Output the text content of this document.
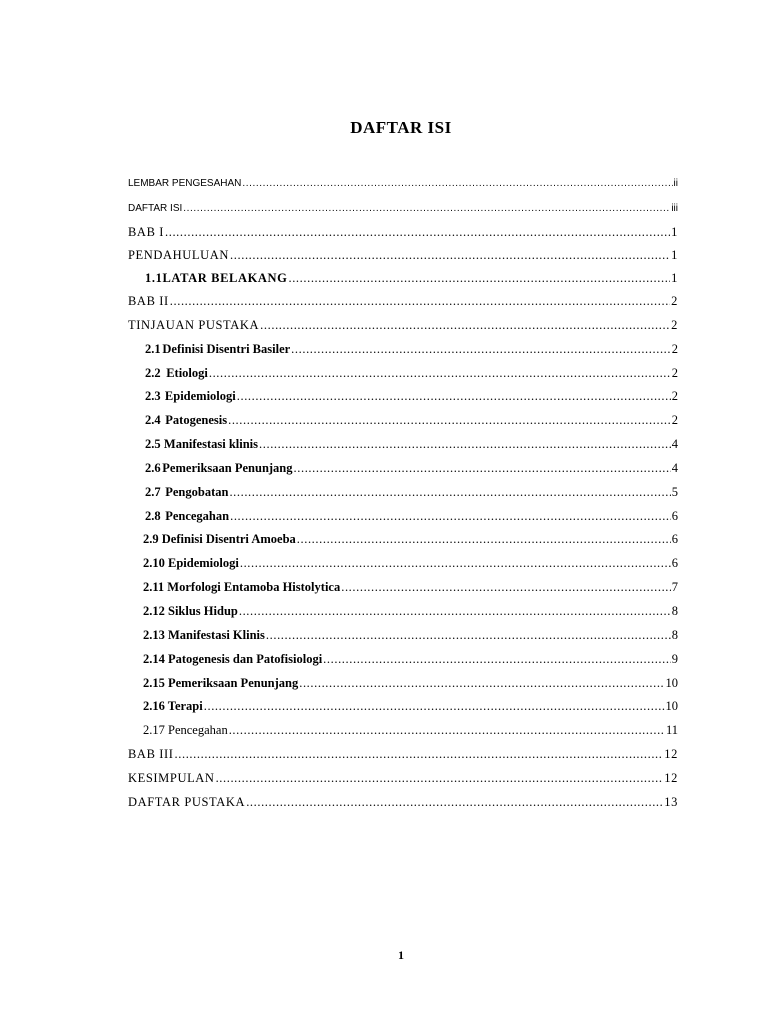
DAFTAR ISI
LEMBAR PENGESAHAN .....	ii
DAFTAR ISI .....	iii
BAB I .....	1
PENDAHULUAN .....	1
1.1 LATAR BELAKANG .....	1
BAB II .....	2
TINJAUAN PUSTAKA .....	2
2.1 Definisi Disentri Basiler .....	2
2.2 Etiologi .....	2
2.3 Epidemiologi .....	2
2.4 Patogenesis .....	2
2.5 Manifestasi klinis .....	4
2.6 Pemeriksaan Penunjang .....	4
2.7 Pengobatan .....	5
2.8 Pencegahan .....	6
2.9 Definisi Disentri Amoeba .....	6
2.10 Epidemiologi .....	6
2.11 Morfologi Entamoba Histolytica .....	7
2.12 Siklus Hidup .....	8
2.13 Manifestasi Klinis .....	8
2.14 Patogenesis dan Patofisiologi .....	9
2.15 Pemeriksaan Penunjang .....	10
2.16 Terapi .....	10
2.17 Pencegahan .....	11
BAB III .....	12
KESIMPULAN .....	12
DAFTAR PUSTAKA .....	13
1
